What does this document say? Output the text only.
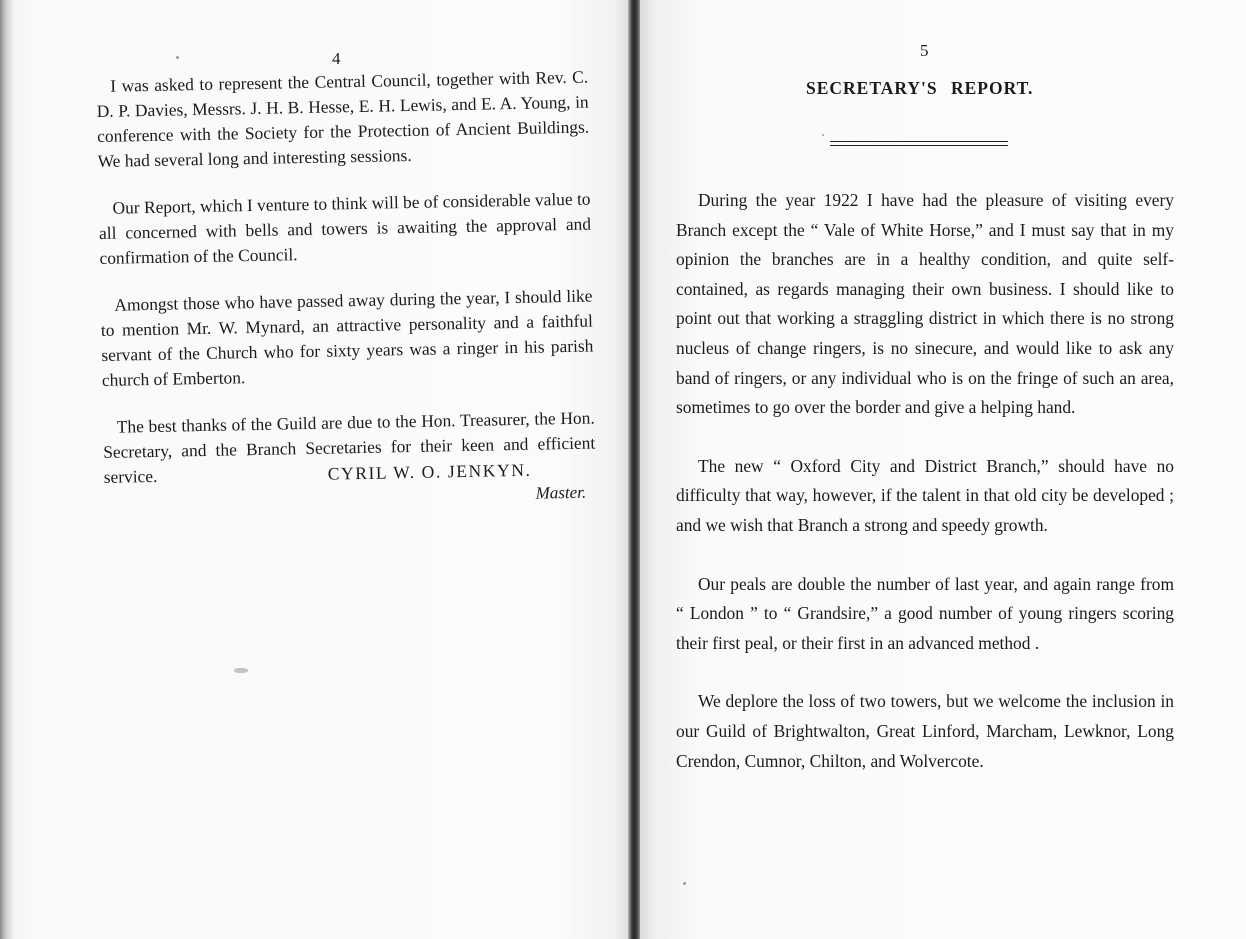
4

I was asked to represent the Central Council, together with Rev. C. D. P. Davies, Messrs. J. H. B. Hesse, E. H. Lewis, and E. A. Young, in conference with the Society for the Protection of Ancient Buildings. We had several long and interesting sessions.

Our Report, which I venture to think will be of considerable value to all concerned with bells and towers is awaiting the approval and confirmation of the Council.

Amongst those who have passed away during the year, I should like to mention Mr. W. Mynard, an attractive personality and a faithful servant of the Church who for sixty years was a ringer in his parish church of Emberton.

The best thanks of the Guild are due to the Hon. Treasurer, the Hon. Secretary, and the Branch Secretaries for their keen and efficient service.	CYRIL W. O. JENKYN.
Master.
5
SECRETARY'S REPORT.

During the year 1922 I have had the pleasure of visiting every Branch except the “ Vale of White Horse,” and I must say that in my opinion the branches are in a healthy condition, and quite self-contained, as regards managing their own business. I should like to point out that working a straggling district in which there is no strong nucleus of change ringers, is no sinecure, and would like to ask any band of ringers, or any individual who is on the fringe of such an area, sometimes to go over the border and give a helping hand.

The new “ Oxford City and District Branch,” should have no difficulty that way, however, if the talent in that old city be developed ; and we wish that Branch a strong and speedy growth.

Our peals are double the number of last year, and again range from “ London ” to “ Grandsire,” a good number of young ringers scoring their first peal, or their first in an advanced method .

We deplore the loss of two towers, but we welcome the inclusion in our Guild of Brightwalton, Great Linford, Marcham, Lewknor, Long Crendon, Cumnor, Chilton, and Wolvercote.
